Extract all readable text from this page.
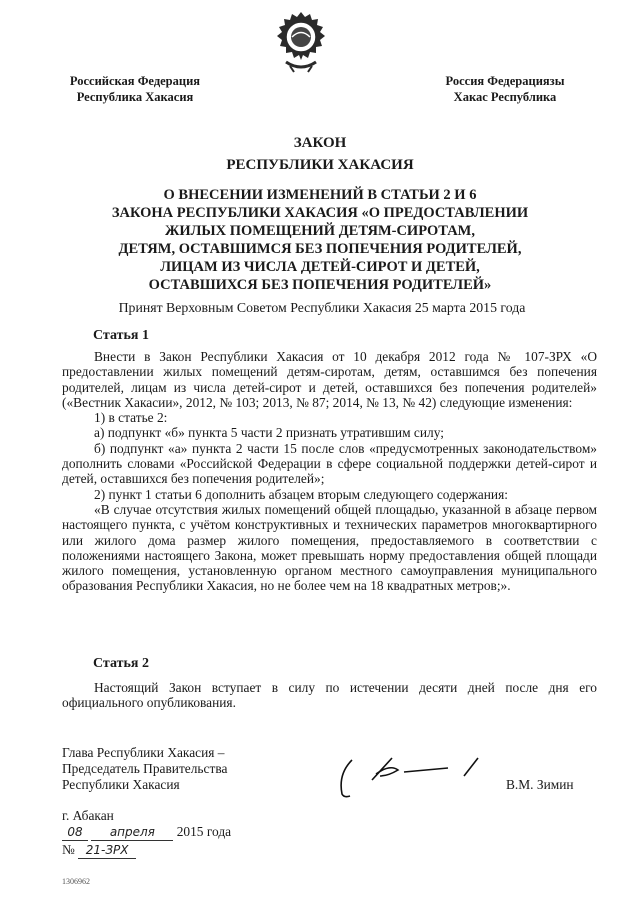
Российская Федерация
Республика Хакасия
Россия Федерациязы
Хакас Республика
ЗАКОН
РЕСПУБЛИКИ ХАКАСИЯ
О ВНЕСЕНИИ ИЗМЕНЕНИЙ В СТАТЬИ 2 И 6
ЗАКОНА РЕСПУБЛИКИ ХАКАСИЯ «О ПРЕДОСТАВЛЕНИИ
ЖИЛЫХ ПОМЕЩЕНИЙ ДЕТЯМ-СИРОТАМ,
ДЕТЯМ, ОСТАВШИМСЯ БЕЗ ПОПЕЧЕНИЯ РОДИТЕЛЕЙ,
ЛИЦАМ ИЗ ЧИСЛА ДЕТЕЙ-СИРОТ И ДЕТЕЙ,
ОСТАВШИХСЯ БЕЗ ПОПЕЧЕНИЯ РОДИТЕЛЕЙ»
Принят Верховным Советом Республики Хакасия 25 марта 2015 года
Статья 1

Внести в Закон Республики Хакасия от 10 декабря 2012 года № 107-ЗРХ «О предоставлении жилых помещений детям-сиротам, детям, оставшимся без попечения родителей, лицам из числа детей-сирот и детей, оставшихся без попечения родителей» («Вестник Хакасии», 2012, № 103; 2013, № 87; 2014, № 13, № 42) следующие изменения:

1) в статье 2:

а) подпункт «б» пункта 5 части 2 признать утратившим силу;

б) подпункт «а» пункта 2 части 15 после слов «предусмотренных законодательством» дополнить словами «Российской Федерации в сфере социальной поддержки детей-сирот и детей, оставшихся без попечения родителей»;

2) пункт 1 статьи 6 дополнить абзацем вторым следующего содержания:

«В случае отсутствия жилых помещений общей площадью, указанной в абзаце первом настоящего пункта, с учётом конструктивных и технических параметров многоквартирного или жилого дома размер жилого помещения, предоставляемого в соответствии с положениями настоящего Закона, может превышать норму предоставления общей площади жилого помещения, установленную органом местного самоуправления муниципального образования Республики Хакасия, но не более чем на 18 квадратных метров;».

Статья 2

Настоящий Закон вступает в силу по истечении десяти дней после дня его официального опубликования.

Глава Республики Хакасия –
Председатель Правительства
Республики Хакасия	В.М. Зимин
г. Абакан
08 апреля 2015 года
№ 21-ЗРХ
1306962
